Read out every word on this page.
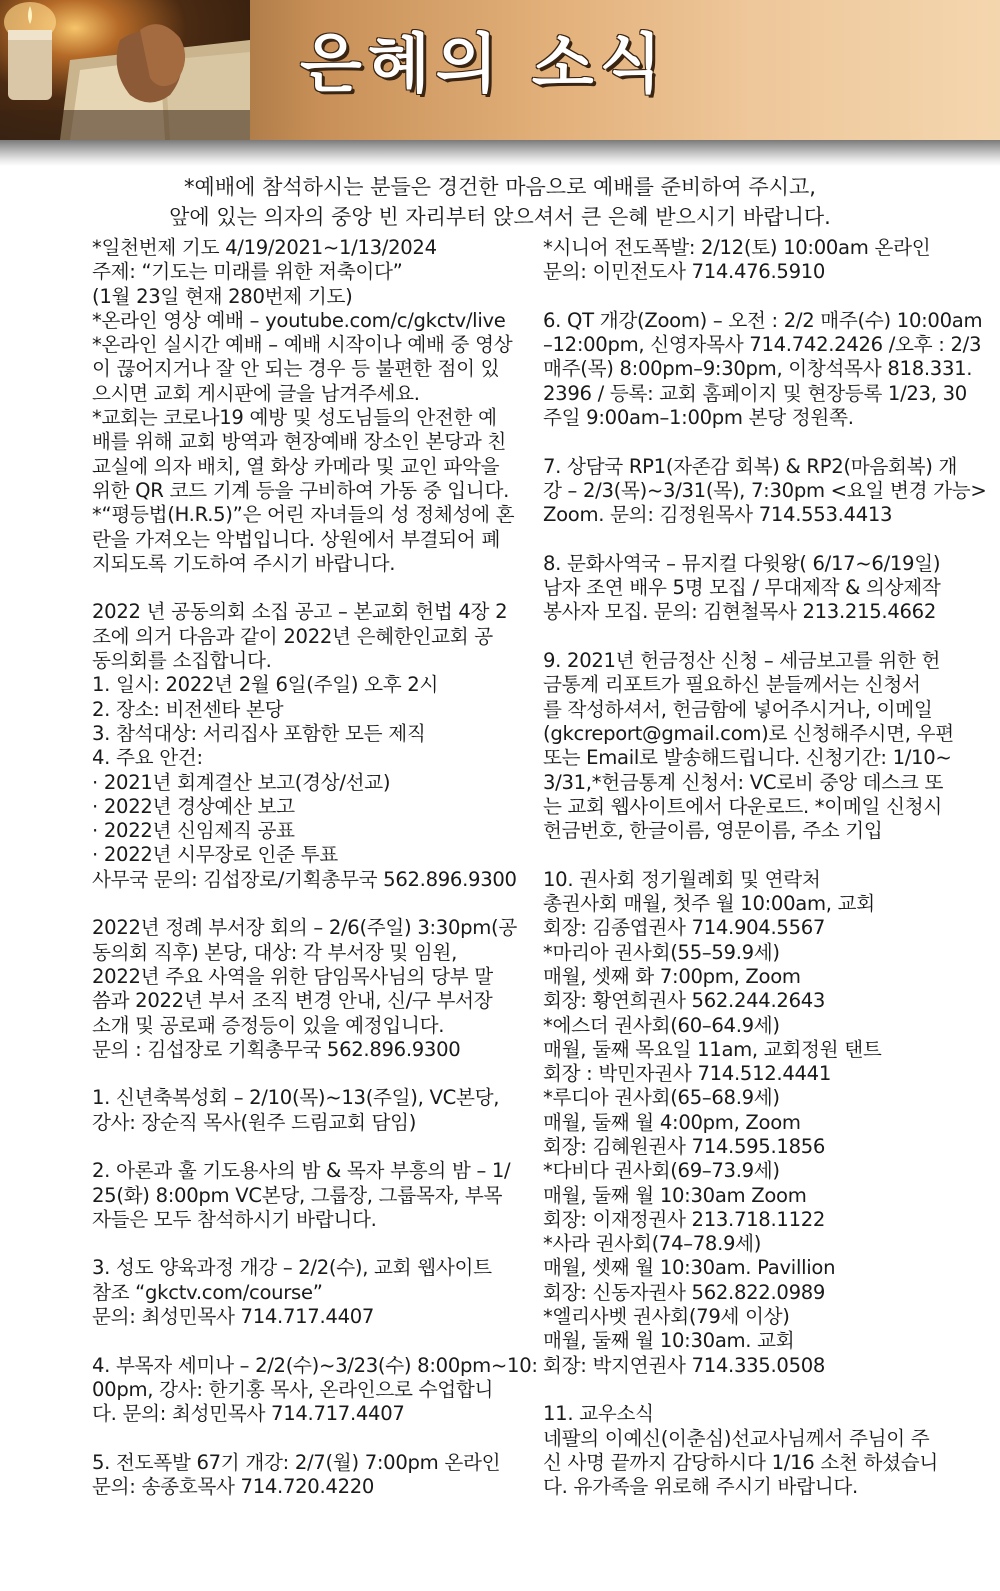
은혜의 소식
*예배에 참석하시는 분들은 경건한 마음으로 예배를 준비하여 주시고,
앞에 있는 의자의 중앙 빈 자리부터 앉으셔서 큰 은혜 받으시기 바랍니다.
*일천번제 기도 4/19/2021~1/13/2024
주제: “기도는 미래를 위한 저축이다”
(1월 23일 현재 280번제 기도)
*온라인 영상 예배 – youtube.com/c/gkctv/live
*온라인 실시간 예배 – 예배 시작이나 예배 중 영상
이 끊어지거나 잘 안 되는 경우 등 불편한 점이 있
으시면 교회 게시판에 글을 남겨주세요.
*교회는 코로나19 예방 및 성도님들의 안전한 예
배를 위해 교회 방역과 현장예배 장소인 본당과 친
교실에 의자 배치, 열 화상 카메라 및 교인 파악을
위한 QR 코드 기계 등을 구비하여 가동 중 입니다.
*“평등법(H.R.5)”은 어린 자녀들의 성 정체성에 혼
란을 가져오는 악법입니다. 상원에서 부결되어 폐
지되도록 기도하여 주시기 바랍니다.
2022 년 공동의회 소집 공고 – 본교회 헌법 4장 2
조에 의거 다음과 같이 2022년 은혜한인교회 공
동의회를 소집합니다.
1. 일시: 2022년 2월 6일(주일) 오후 2시
2. 장소: 비전센타 본당
3. 참석대상: 서리집사 포함한 모든 제직
4. 주요 안건:
· 2021년 회계결산 보고(경상/선교)
· 2022년 경상예산 보고
· 2022년 신임제직 공표
· 2022년 시무장로 인준 투표
사무국 문의: 김섭장로/기획총무국 562.896.9300
2022년 정례 부서장 회의 – 2/6(주일) 3:30pm(공
동의회 직후) 본당, 대상: 각 부서장 및 임원,
2022년 주요 사역을 위한 담임목사님의 당부 말
씀과 2022년 부서 조직 변경 안내, 신/구 부서장
소개 및 공로패 증정등이 있을 예정입니다.
문의 : 김섭장로 기획총무국 562.896.9300
1. 신년축복성회 – 2/10(목)~13(주일), VC본당,
강사: 장순직 목사(원주 드림교회 담임)
2. 아론과 훌 기도용사의 밤 & 목자 부흥의 밤 – 1/
25(화) 8:00pm VC본당, 그룹장, 그룹목자, 부목
자들은 모두 참석하시기 바랍니다.
3. 성도 양육과정 개강 – 2/2(수), 교회 웹사이트
참조 “gkctv.com/course”
문의: 최성민목사 714.717.4407
4. 부목자 세미나 – 2/2(수)~3/23(수) 8:00pm~10:
00pm, 강사: 한기홍 목사, 온라인으로 수업합니
다. 문의: 최성민목사 714.717.4407
5. 전도폭발 67기 개강: 2/7(월) 7:00pm 온라인
문의: 송종호목사 714.720.4220
*시니어 전도폭발: 2/12(토) 10:00am 온라인
문의: 이민전도사 714.476.5910
6. QT 개강(Zoom) – 오전 : 2/2 매주(수) 10:00am
–12:00pm, 신영자목사 714.742.2426 /오후 : 2/3
매주(목) 8:00pm–9:30pm, 이창석목사 818.331.
2396 / 등록: 교회 홈페이지 및 현장등록 1/23, 30
주일 9:00am–1:00pm 본당 정원쪽.
7. 상담국 RP1(자존감 회복) & RP2(마음회복) 개
강 – 2/3(목)~3/31(목), 7:30pm <요일 변경 가능>
Zoom. 문의: 김정원목사 714.553.4413
8. 문화사역국 – 뮤지컬 다윗왕( 6/17~6/19일)
남자 조연 배우 5명 모집 / 무대제작 & 의상제작
봉사자 모집. 문의: 김현철목사 213.215.4662
9. 2021년 헌금정산 신청 – 세금보고를 위한 헌
금통계 리포트가 필요하신 분들께서는 신청서
를 작성하셔서, 헌금함에 넣어주시거나, 이메일
(gkcreport@gmail.com)로 신청해주시면, 우편
또는 Email로 발송해드립니다. 신청기간: 1/10~
3/31,*헌금통계 신청서: VC로비 중앙 데스크 또
는 교회 웹사이트에서 다운로드. *이메일 신청시
헌금번호, 한글이름, 영문이름, 주소 기입
10. 권사회 정기월례회 및 연락처
총권사회 매월, 첫주 월 10:00am, 교회
회장: 김종엽권사 714.904.5567
*마리아 권사회(55–59.9세)
매월, 셋째 화 7:00pm, Zoom
회장: 황연희권사 562.244.2643
*에스더 권사회(60–64.9세)
매월, 둘째 목요일 11am, 교회정원 탠트
회장 : 박민자권사 714.512.4441
*루디아 권사회(65–68.9세)
매월, 둘째 월 4:00pm, Zoom
회장: 김혜원권사 714.595.1856
*다비다 권사회(69–73.9세)
매월, 둘째 월 10:30am Zoom
회장: 이재정권사 213.718.1122
*사라 권사회(74–78.9세)
매월, 셋째 월 10:30am. Pavillion
회장: 신동자권사 562.822.0989
*엘리사벳 권사회(79세 이상)
매월, 둘째 월 10:30am. 교회
회장: 박지연권사 714.335.0508
11. 교우소식
네팔의 이예신(이춘심)선교사님께서 주님이 주
신 사명 끝까지 감당하시다 1/16 소천 하셨습니
다. 유가족을 위로해 주시기 바랍니다.
